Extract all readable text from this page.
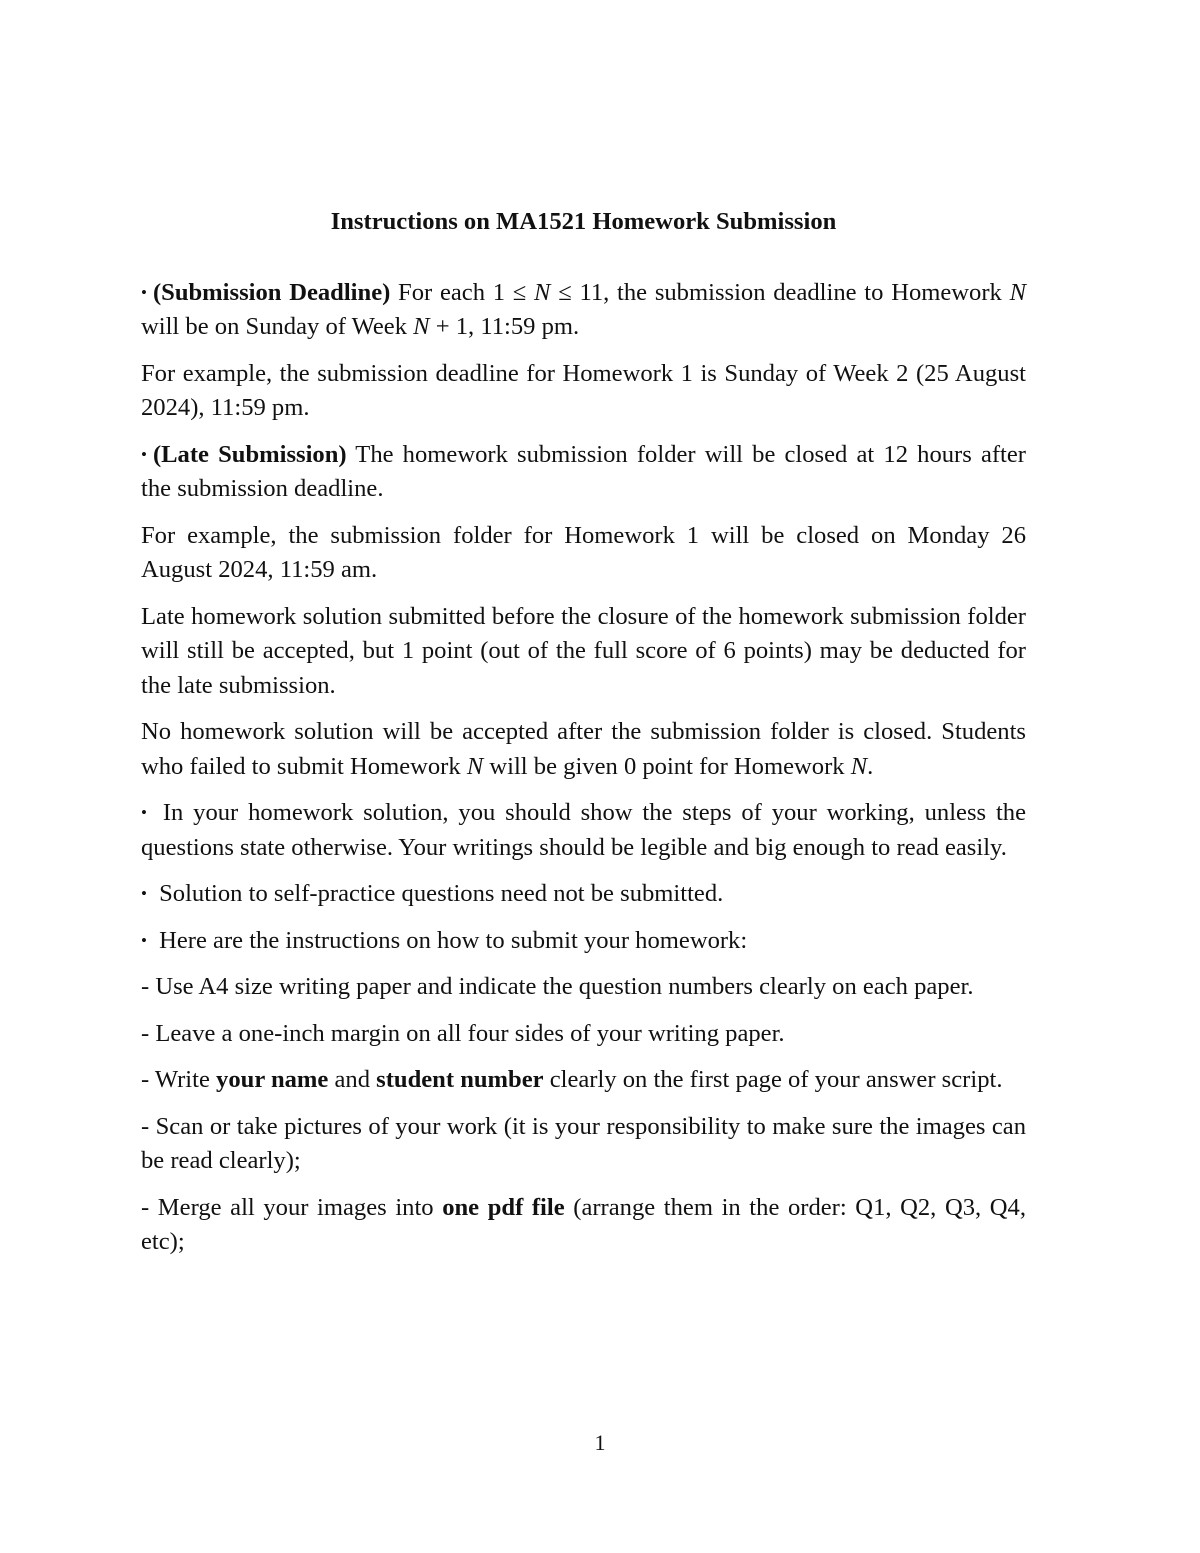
Instructions on MA1521 Homework Submission

• (Submission Deadline) For each 1 ≤ N ≤ 11, the submission deadline to Homework N will be on Sunday of Week N + 1, 11:59 pm.

For example, the submission deadline for Homework 1 is Sunday of Week 2 (25 August 2024), 11:59 pm.

• (Late Submission) The homework submission folder will be closed at 12 hours after the submission deadline.

For example, the submission folder for Homework 1 will be closed on Monday 26 August 2024, 11:59 am.

Late homework solution submitted before the closure of the homework submission folder will still be accepted, but 1 point (out of the full score of 6 points) may be deducted for the late submission.

No homework solution will be accepted after the submission folder is closed. Students who failed to submit Homework N will be given 0 point for Homework N.

• In your homework solution, you should show the steps of your working, unless the questions state otherwise. Your writings should be legible and big enough to read easily.

• Solution to self-practice questions need not be submitted.

• Here are the instructions on how to submit your homework:

- Use A4 size writing paper and indicate the question numbers clearly on each paper.

- Leave a one-inch margin on all four sides of your writing paper.

- Write your name and student number clearly on the first page of your answer script.

- Scan or take pictures of your work (it is your responsibility to make sure the images can be read clearly);

- Merge all your images into one pdf file (arrange them in the order: Q1, Q2, Q3, Q4, etc);

1
